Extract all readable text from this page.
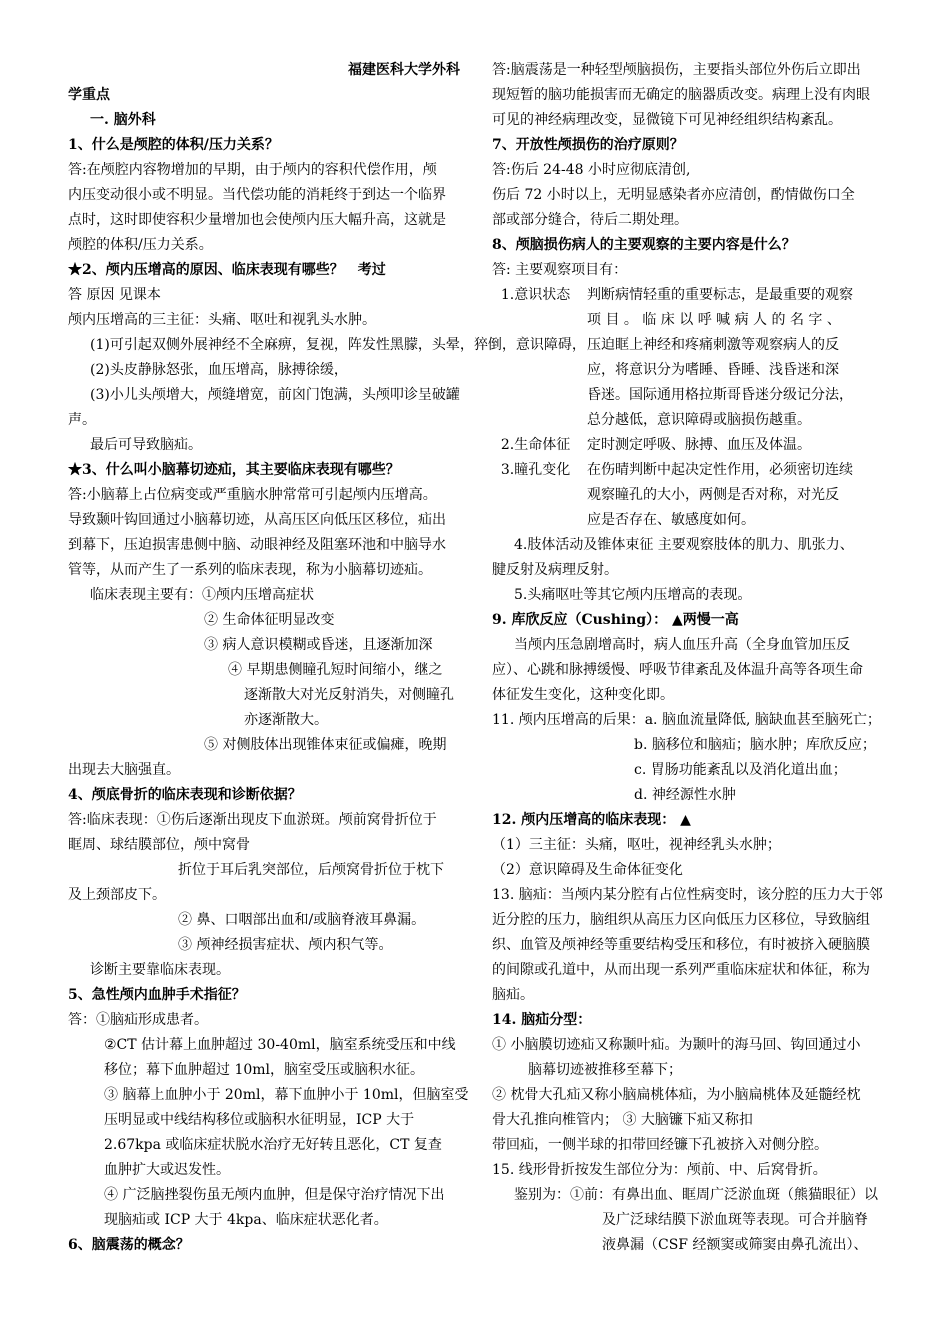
福建医科大学外科

学重点

一. 脑外科

1、什么是颅腔的体积/压力关系？

答:在颅腔内容物增加的早期，由于颅内的容积代偿作用，颅

内压变动很小或不明显。当代偿功能的消耗终于到达一个临界

点时，这时即使容积少量增加也会使颅内压大幅升高，这就是

颅腔的体积/压力关系。

★2、颅内压增高的原因、临床表现有哪些？　考过

答 原因 见课本

颅内压增高的三主征：头痛、呕吐和视乳头水肿。

(1)可引起双侧外展神经不全麻痹，复视，阵发性黑朦，头晕，猝倒，意识障碍，

(2)头皮静脉怒张，血压增高，脉搏徐缓，

(3)小儿头颅增大，颅缝增宽，前囟门饱满，头颅叩诊呈破罐

声。

最后可导致脑疝。

★3、什么叫小脑幕切迹疝，其主要临床表现有哪些？

答:小脑幕上占位病变或严重脑水肿常常可引起颅内压增高。

导致颞叶钩回通过小脑幕切迹，从高压区向低压区移位，疝出

到幕下，压迫损害患侧中脑、动眼神经及阻塞环池和中脑导水

管等，从而产生了一系列的临床表现，称为小脑幕切迹疝。

临床表现主要有：①颅内压增高症状

② 生命体征明显改变

③ 病人意识模糊或昏迷，且逐渐加深

④ 早期患侧瞳孔短时间缩小，继之

逐渐散大对光反射消失，对侧瞳孔

亦逐渐散大。

⑤ 对侧肢体出现锥体束征或偏瘫，晚期

出现去大脑强直。

4、颅底骨折的临床表现和诊断依据？

答:临床表现：①伤后逐渐出现皮下血淤斑。颅前窝骨折位于

眶周、球结膜部位，颅中窝骨

折位于耳后乳突部位，后颅窝骨折位于枕下

及上颈部皮下。

② 鼻、口咽部出血和/或脑脊液耳鼻漏。

③ 颅神经损害症状、颅内积气等。

诊断主要靠临床表现。

5、急性颅内血肿手术指征？

答：①脑疝形成患者。

②CT 估计幕上血肿超过 30-40ml，脑室系统受压和中线

移位；幕下血肿超过 10ml，脑室受压或脑积水征。

③ 脑幕上血肿小于 20ml，幕下血肿小于 10ml，但脑室受

压明显或中线结构移位或脑积水征明显，ICP 大于

2.67kpa 或临床症状脱水治疗无好转且恶化，CT 复查

血肿扩大或迟发性。

④ 广泛脑挫裂伤虽无颅内血肿，但是保守治疗情况下出

现脑疝或 ICP 大于 4kpa、临床症状恶化者。

6、脑震荡的概念？

答:脑震荡是一种轻型颅脑损伤，主要指头部位外伤后立即出

现短暂的脑功能损害而无确定的脑器质改变。病理上没有肉眼

可见的神经病理改变，显微镜下可见神经组织结构紊乱。

7、开放性颅损伤的治疗原则？

答:伤后 24-48 小时应彻底清创,

伤后 72 小时以上，无明显感染者亦应清创，酌情做伤口全

部或部分缝合，待后二期处理。

8、颅脑损伤病人的主要观察的主要内容是什么？

答: 主要观察项目有：

1.意识状态	判断病情轻重的重要标志，是最重要的观察
项 目 。 临 床 以 呼 喊 病 人 的 名 字 、
压迫眶上神经和疼痛刺激等观察病人的反
应，将意识分为嗜睡、昏睡、浅昏迷和深
昏迷。国际通用格拉斯哥昏迷分级记分法，
总分越低，意识障碍或脑损伤越重。
2.生命体征	定时测定呼吸、脉搏、血压及体温。
3.瞳孔变化	在伤晴判断中起决定性作用，必须密切连续
观察瞳孔的大小，两侧是否对称，对光反
应是否存在、敏感度如何。

4.肢体活动及锥体束征 主要观察肢体的肌力、肌张力、

腱反射及病理反射。

5.头痛呕吐等其它颅内压增高的表现。

9. 库欣反应（Cushing）： ▲两慢一高

当颅内压急剧增高时，病人血压升高（全身血管加压反

应）、心跳和脉搏缓慢、呼吸节律紊乱及体温升高等各项生命

体征发生变化，这种变化即。

11. 颅内压增高的后果：a. 脑血流量降低, 脑缺血甚至脑死亡；

b. 脑移位和脑疝；脑水肿；库欣反应；

c. 胃肠功能紊乱以及消化道出血；

d. 神经源性水肿

12. 颅内压增高的临床表现： ▲

（1）三主征：头痛，呕吐，视神经乳头水肿；

（2）意识障碍及生命体征变化

13. 脑疝：当颅内某分腔有占位性病变时，该分腔的压力大于邻

近分腔的压力，脑组织从高压力区向低压力区移位，导致脑组

织、血管及颅神经等重要结构受压和移位，有时被挤入硬脑膜

的间隙或孔道中，从而出现一系列严重临床症状和体征，称为

脑疝。

14. 脑疝分型：

① 小脑膜切迹疝又称颞叶疝。为颞叶的海马回、钩回通过小

脑幕切迹被推移至幕下；

② 枕骨大孔疝又称小脑扁桃体疝，为小脑扁桃体及延髓经枕

骨大孔推向椎管内； ③ 大脑镰下疝又称扣

带回疝，一侧半球的扣带回经镰下孔被挤入对侧分腔。

15. 线形骨折按发生部位分为：颅前、中、后窝骨折。

鉴别为：①前：有鼻出血、眶周广泛淤血斑（熊猫眼征）以

及广泛球结膜下淤血斑等表现。可合并脑脊

液鼻漏（CSF 经额窦或筛窦由鼻孔流出）、
